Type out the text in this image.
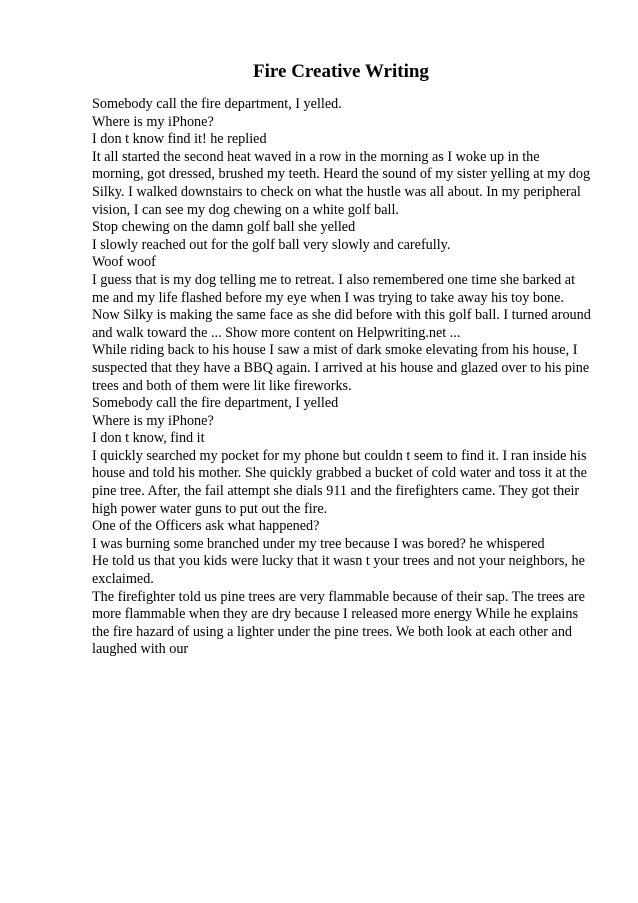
Fire Creative Writing
Somebody call the fire department, I yelled.
Where is my iPhone?
I don t know find it! he replied
It all started the second heat waved in a row in the morning as I woke up in the morning, got dressed, brushed my teeth. Heard the sound of my sister yelling at my dog Silky. I walked downstairs to check on what the hustle was all about. In my peripheral vision, I can see my dog chewing on a white golf ball.
Stop chewing on the damn golf ball she yelled
I slowly reached out for the golf ball very slowly and carefully.
Woof woof
I guess that is my dog telling me to retreat. I also remembered one time she barked at me and my life flashed before my eye when I was trying to take away his toy bone. Now Silky is making the same face as she did before with this golf ball. I turned around and walk toward the ... Show more content on Helpwriting.net ...
While riding back to his house I saw a mist of dark smoke elevating from his house, I suspected that they have a BBQ again. I arrived at his house and glazed over to his pine trees and both of them were lit like fireworks.
Somebody call the fire department, I yelled
Where is my iPhone?
I don t know, find it
I quickly searched my pocket for my phone but couldn t seem to find it. I ran inside his house and told his mother. She quickly grabbed a bucket of cold water and toss it at the pine tree. After, the fail attempt she dials 911 and the firefighters came. They got their high power water guns to put out the fire.
One of the Officers ask what happened?
I was burning some branched under my tree because I was bored? he whispered
He told us that you kids were lucky that it wasn t your trees and not your neighbors, he exclaimed.
The firefighter told us pine trees are very flammable because of their sap. The trees are more flammable when they are dry because I released more energy While he explains the fire hazard of using a lighter under the pine trees. We both look at each other and laughed with our
